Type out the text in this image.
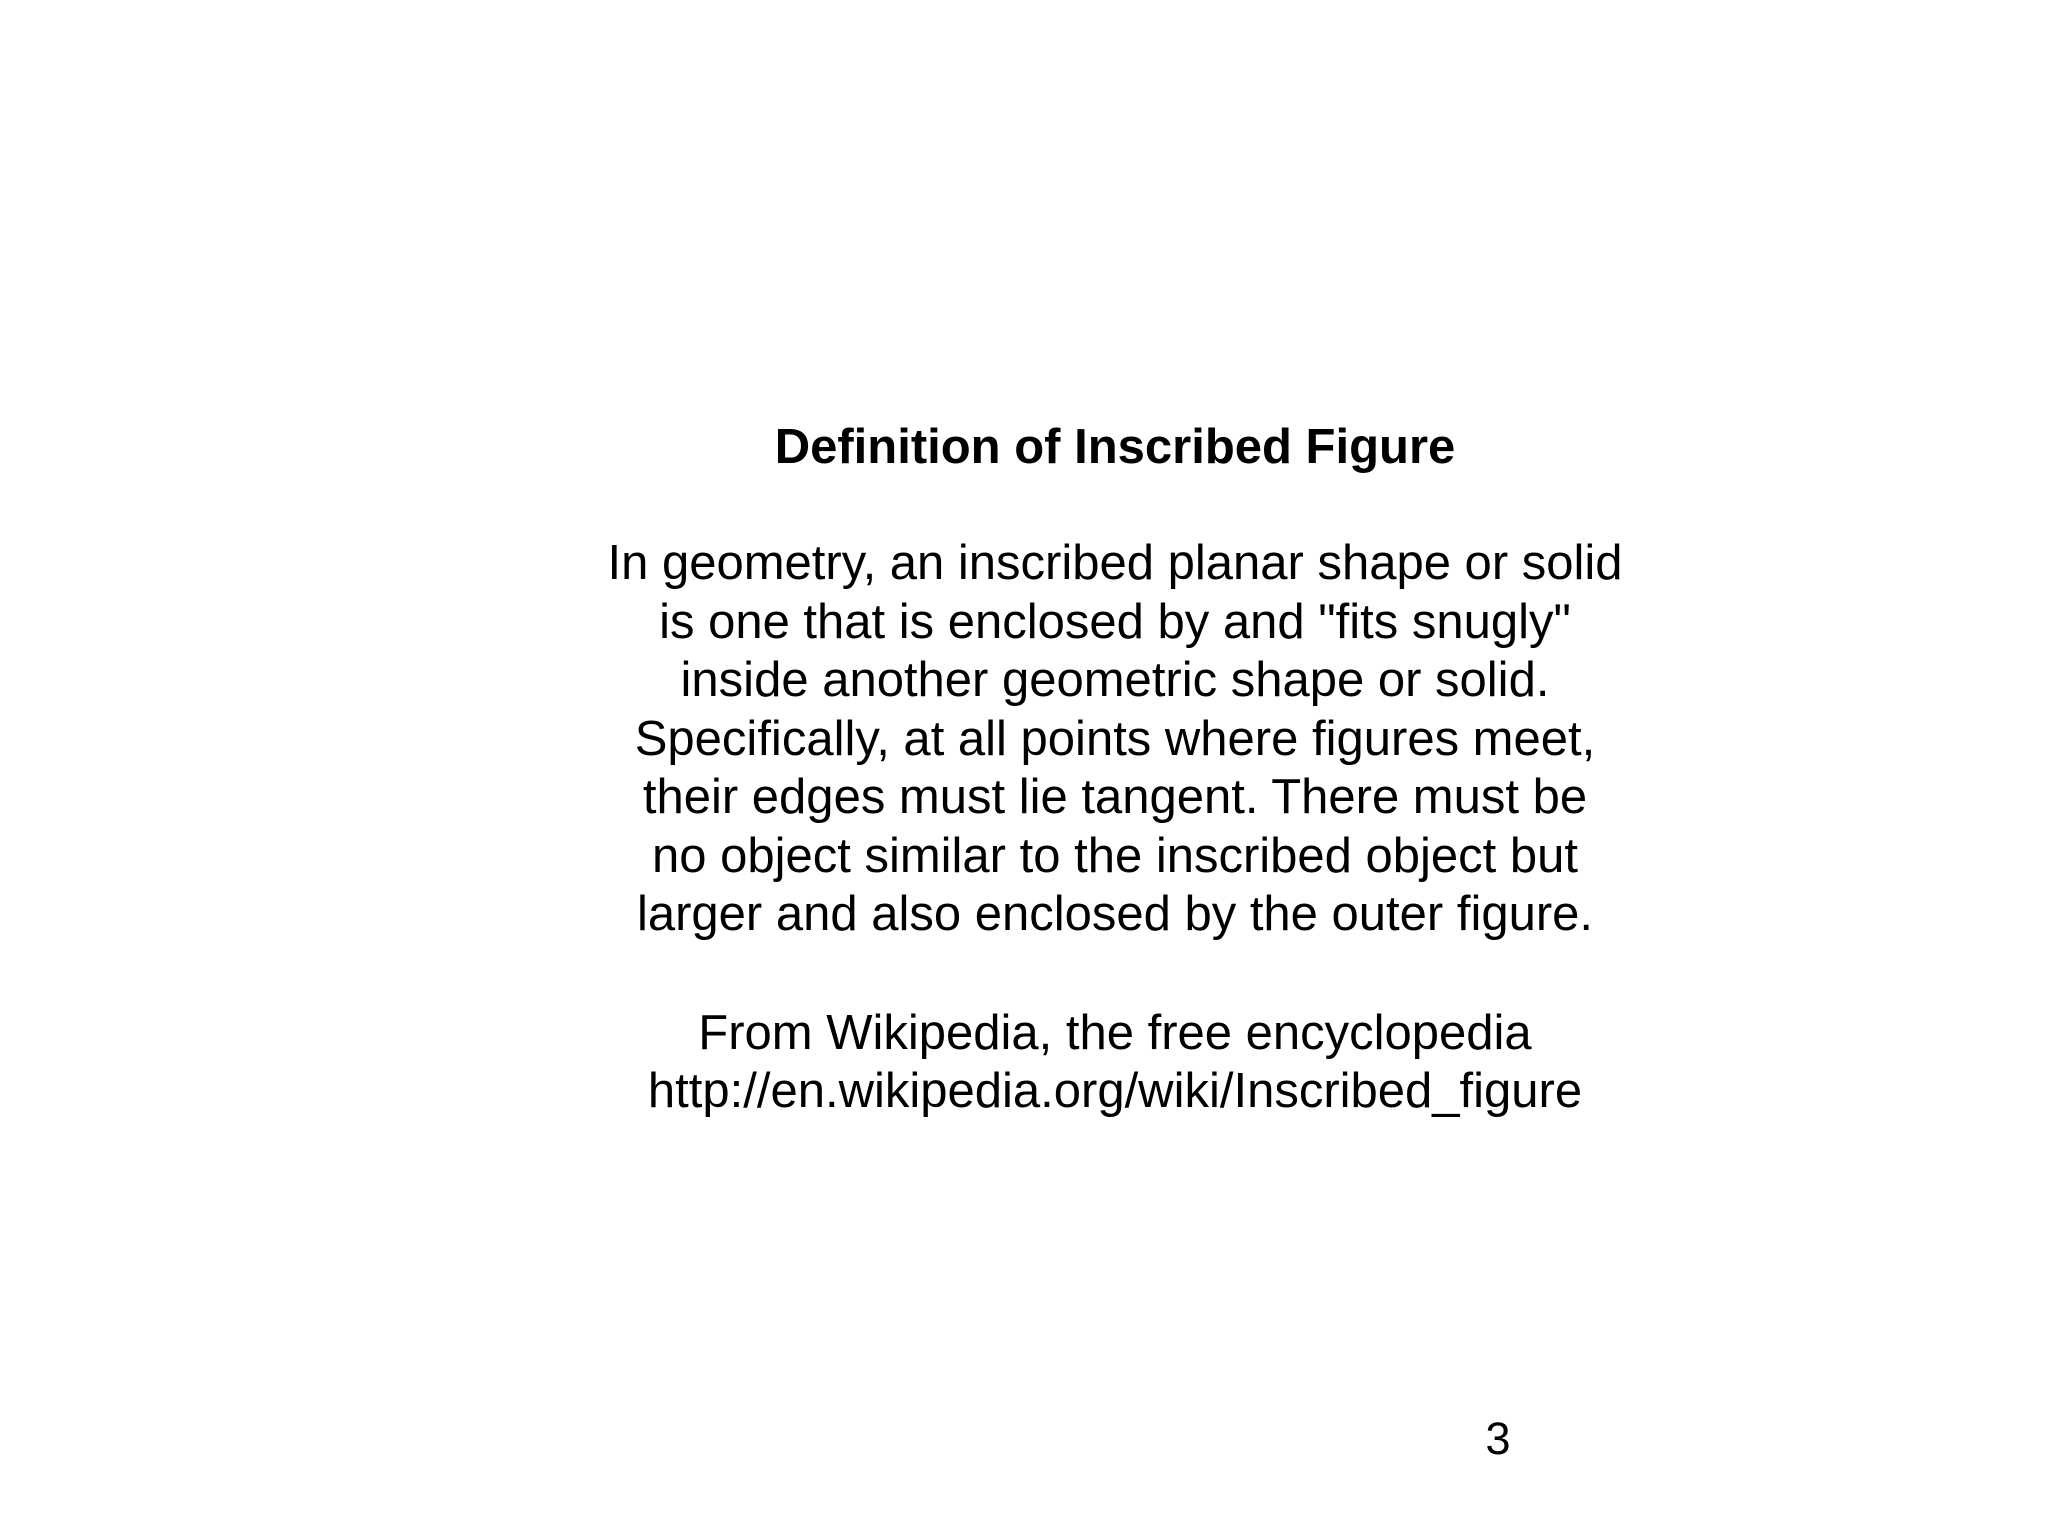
Definition of Inscribed Figure

In geometry, an inscribed planar shape or solid
is one that is enclosed by and "fits snugly"
inside another geometric shape or solid.
Specifically, at all points where figures meet,
their edges must lie tangent. There must be
no object similar to the inscribed object but
larger and also enclosed by the outer figure.

From Wikipedia, the free encyclopedia
http://en.wikipedia.org/wiki/Inscribed_figure

3
